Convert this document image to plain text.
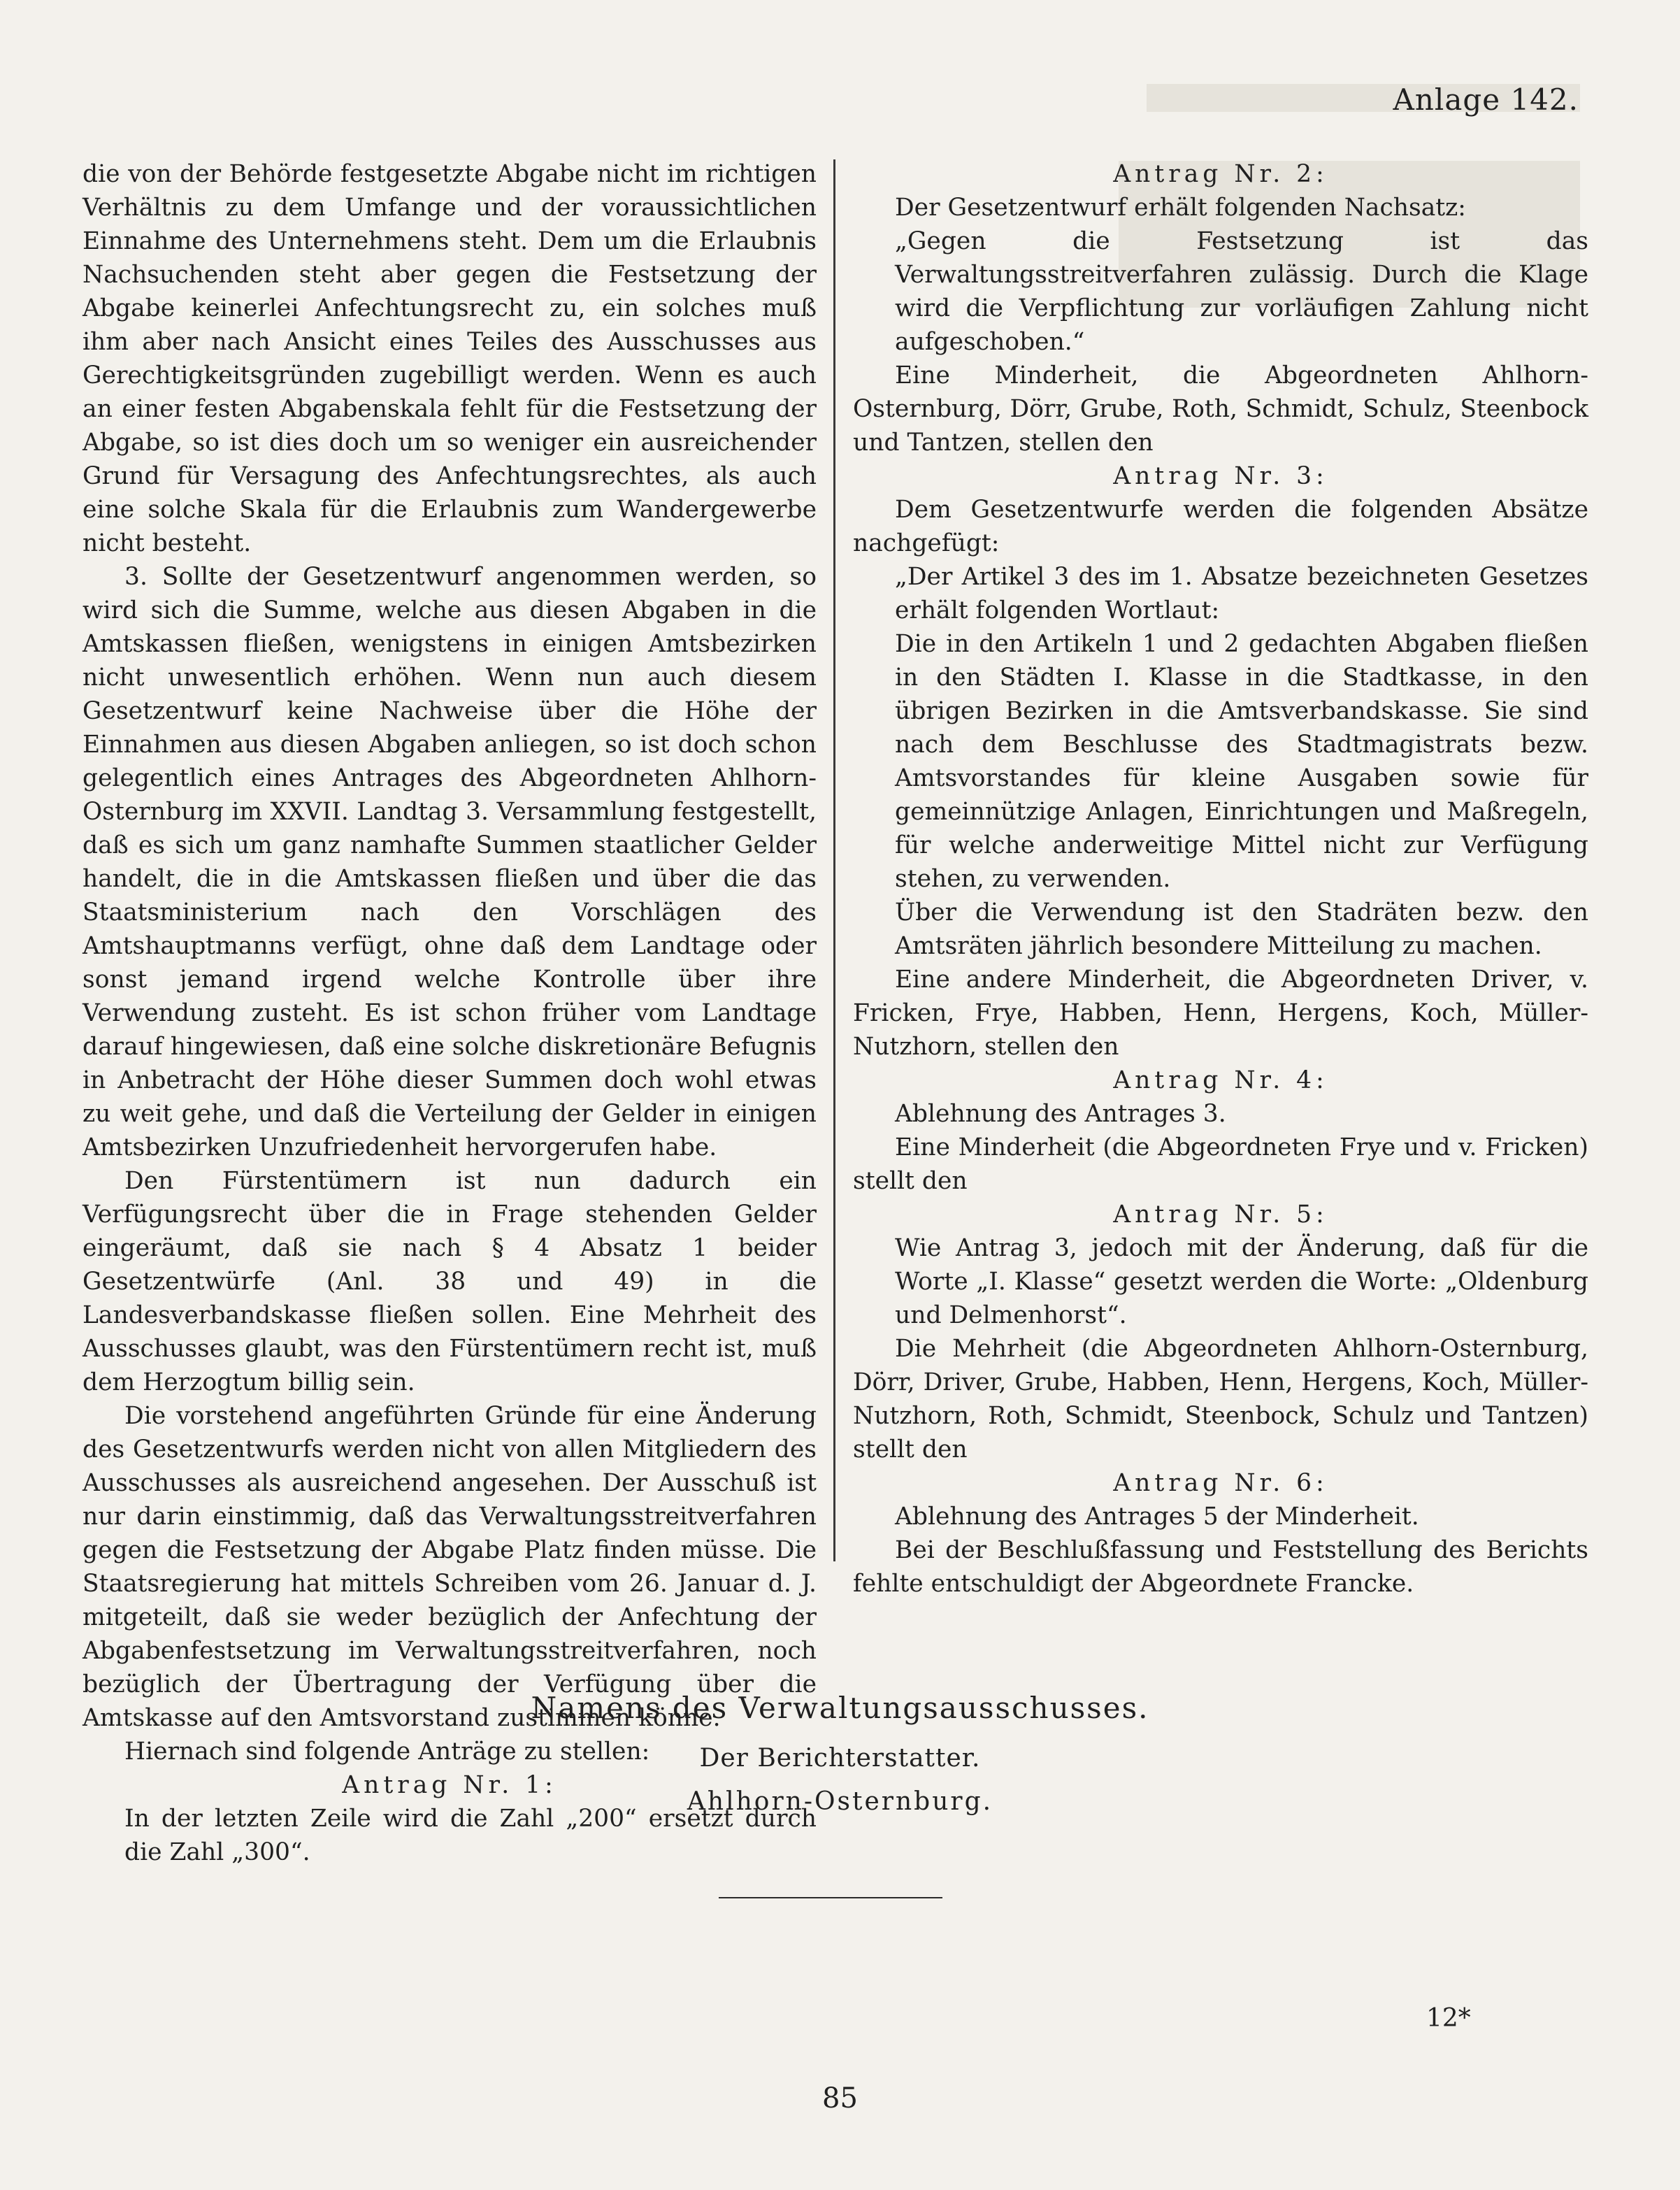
Anlage 142.

die von der Behörde festgesetzte Abgabe nicht im richtigen Verhältnis zu dem Umfange und der voraussichtlichen Einnahme des Unternehmens steht. Dem um die Erlaubnis Nachsuchenden steht aber gegen die Festsetzung der Abgabe keinerlei Anfechtungsrecht zu, ein solches muß ihm aber nach Ansicht eines Teiles des Ausschusses aus Gerechtigkeitsgründen zugebilligt werden. Wenn es auch an einer festen Abgabenskala fehlt für die Festsetzung der Abgabe, so ist dies doch um so weniger ein ausreichender Grund für Versagung des Anfechtungsrechtes, als auch eine solche Skala für die Erlaubnis zum Wandergewerbe nicht besteht.

3. Sollte der Gesetzentwurf angenommen werden, so wird sich die Summe, welche aus diesen Abgaben in die Amtskassen fließen, wenigstens in einigen Amtsbezirken nicht unwesentlich erhöhen. Wenn nun auch diesem Gesetzentwurf keine Nachweise über die Höhe der Einnahmen aus diesen Abgaben anliegen, so ist doch schon gelegentlich eines Antrages des Abgeordneten Ahlhorn-Osternburg im XXVII. Landtag 3. Versammlung festgestellt, daß es sich um ganz namhafte Summen staatlicher Gelder handelt, die in die Amtskassen fließen und über die das Staatsministerium nach den Vorschlägen des Amtshauptmanns verfügt, ohne daß dem Landtage oder sonst jemand irgend welche Kontrolle über ihre Verwendung zusteht. Es ist schon früher vom Landtage darauf hingewiesen, daß eine solche diskretionäre Befugnis in Anbetracht der Höhe dieser Summen doch wohl etwas zu weit gehe, und daß die Verteilung der Gelder in einigen Amtsbezirken Unzufriedenheit hervorgerufen habe.

Den Fürstentümern ist nun dadurch ein Verfügungsrecht über die in Frage stehenden Gelder eingeräumt, daß sie nach § 4 Absatz 1 beider Gesetzentwürfe (Anl. 38 und 49) in die Landesverbandskasse fließen sollen. Eine Mehrheit des Ausschusses glaubt, was den Fürstentümern recht ist, muß dem Herzogtum billig sein.

Die vorstehend angeführten Gründe für eine Änderung des Gesetzentwurfs werden nicht von allen Mitgliedern des Ausschusses als ausreichend angesehen. Der Ausschuß ist nur darin einstimmig, daß das Verwaltungsstreitverfahren gegen die Festsetzung der Abgabe Platz finden müsse. Die Staatsregierung hat mittels Schreiben vom 26. Januar d. J. mitgeteilt, daß sie weder bezüglich der Anfechtung der Abgabenfestsetzung im Verwaltungsstreitverfahren, noch bezüglich der Übertragung der Verfügung über die Amtskasse auf den Amtsvorstand zustimmen könne.

Hiernach sind folgende Anträge zu stellen:

Antrag Nr. 1:

In der letzten Zeile wird die Zahl „200“ ersetzt durch die Zahl „300“.

Antrag Nr. 2:

Der Gesetzentwurf erhält folgenden Nachsatz:

„Gegen die Festsetzung ist das Verwaltungsstreitverfahren zulässig. Durch die Klage wird die Verpflichtung zur vorläufigen Zahlung nicht aufgeschoben.“

Eine Minderheit, die Abgeordneten Ahlhorn-Osternburg, Dörr, Grube, Roth, Schmidt, Schulz, Steenbock und Tantzen, stellen den

Antrag Nr. 3:

Dem Gesetzentwurfe werden die folgenden Absätze nachgefügt:

„Der Artikel 3 des im 1. Absatze bezeichneten Gesetzes erhält folgenden Wortlaut:

Die in den Artikeln 1 und 2 gedachten Abgaben fließen in den Städten I. Klasse in die Stadtkasse, in den übrigen Bezirken in die Amtsverbandskasse. Sie sind nach dem Beschlusse des Stadtmagistrats bezw. Amtsvorstandes für kleine Ausgaben sowie für gemeinnützige Anlagen, Einrichtungen und Maßregeln, für welche anderweitige Mittel nicht zur Verfügung stehen, zu verwenden.

Über die Verwendung ist den Stadräten bezw. den Amtsräten jährlich besondere Mitteilung zu machen.

Eine andere Minderheit, die Abgeordneten Driver, v. Fricken, Frye, Habben, Henn, Hergens, Koch, Müller-Nutzhorn, stellen den

Antrag Nr. 4:

Ablehnung des Antrages 3.

Eine Minderheit (die Abgeordneten Frye und v. Fricken) stellt den

Antrag Nr. 5:

Wie Antrag 3, jedoch mit der Änderung, daß für die Worte „I. Klasse“ gesetzt werden die Worte: „Oldenburg und Delmenhorst“.

Die Mehrheit (die Abgeordneten Ahlhorn-Osternburg, Dörr, Driver, Grube, Habben, Henn, Hergens, Koch, Müller-Nutzhorn, Roth, Schmidt, Steenbock, Schulz und Tantzen) stellt den

Antrag Nr. 6:

Ablehnung des Antrages 5 der Minderheit.

Bei der Beschlußfassung und Feststellung des Berichts fehlte entschuldigt der Abgeordnete Francke.

Namens des Verwaltungsausschusses.
Der Berichterstatter.
Ahlhorn-Osternburg.
12*
85
